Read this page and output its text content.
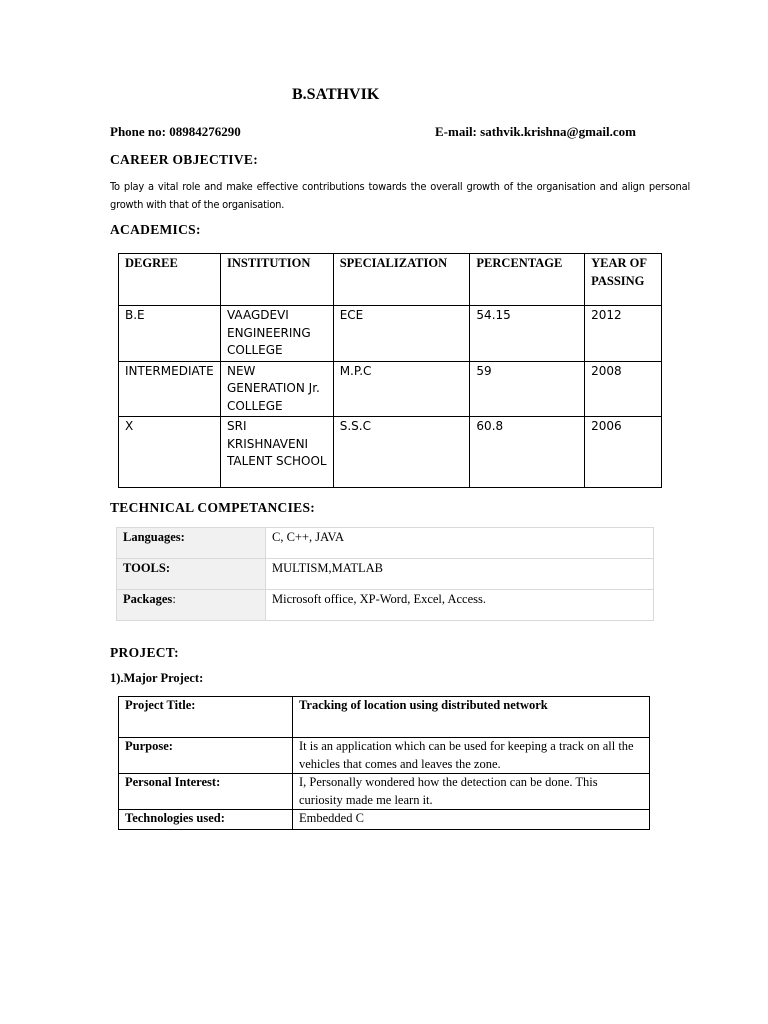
B.SATHVIK
Phone no: 08984276290	E-mail: sathvik.krishna@gmail.com
CAREER OBJECTIVE:
To play a vital role and make effective contributions towards the overall growth of the organisation and align personal growth with that of the organisation.
ACADEMICS:
DEGREE	INSTITUTION	SPECIALIZATION	PERCENTAGE	YEAR OF PASSING
B.E	VAAGDEVI ENGINEERING COLLEGE	ECE	54.15	2012
INTERMEDIATE	NEW GENERATION Jr. COLLEGE	M.P.C	59	2008
X	SRI KRISHNAVENI TALENT SCHOOL	S.S.C	60.8	2006
TECHNICAL COMPETANCIES:
Languages:	C, C++, JAVA
TOOLS:	MULTISM,MATLAB
Packages:	Microsoft office, XP-Word, Excel, Access.
PROJECT:
1).Major Project:
Project Title:	Tracking of location using distributed network
Purpose:	It is an application which can be used for keeping a track on all the vehicles that comes and leaves the zone.
Personal Interest:	I, Personally wondered how the detection can be done. This curiosity made me learn it.
Technologies used:	Embedded C
